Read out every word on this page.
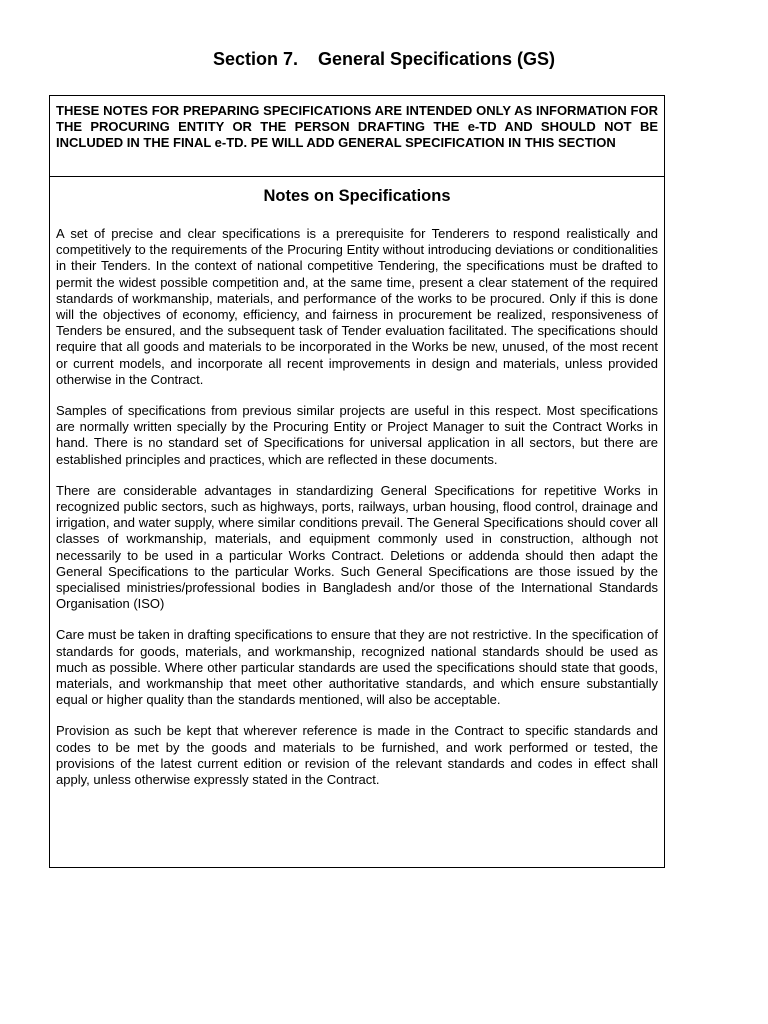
Section 7.    General Specifications (GS)
THESE NOTES FOR PREPARING SPECIFICATIONS ARE INTENDED ONLY AS INFORMATION FOR THE PROCURING ENTITY OR THE PERSON DRAFTING THE e-TD AND SHOULD NOT BE INCLUDED IN THE FINAL e-TD. PE WILL ADD GENERAL SPECIFICATION IN THIS SECTION
Notes on Specifications

A set of precise and clear specifications is a prerequisite for Tenderers to respond realistically and competitively to the requirements of the Procuring Entity without introducing deviations or conditionalities in their Tenders. In the context of national competitive Tendering, the specifications must be drafted to permit the widest possible competition and, at the same time, present a clear statement of the required standards of workmanship, materials, and performance of the works to be procured. Only if this is done will the objectives of economy, efficiency, and fairness in procurement be realized, responsiveness of Tenders be ensured, and the subsequent task of Tender evaluation facilitated. The specifications should require that all goods and materials to be incorporated in the Works be new, unused, of the most recent or current models, and incorporate all recent improvements in design and materials, unless provided otherwise in the Contract.

Samples of specifications from previous similar projects are useful in this respect. Most specifications are normally written specially by the Procuring Entity or Project Manager to suit the Contract Works in hand. There is no standard set of Specifications for universal application in all sectors, but there are established principles and practices, which are reflected in these documents.

There are considerable advantages in standardizing General Specifications for repetitive Works in recognized public sectors, such as highways, ports, railways, urban housing, flood control, drainage and irrigation, and water supply, where similar conditions prevail. The General Specifications should cover all classes of workmanship, materials, and equipment commonly used in construction, although not necessarily to be used in a particular Works Contract. Deletions or addenda should then adapt the General Specifications to the particular Works. Such General Specifications are those issued by the specialised ministries/professional bodies in Bangladesh and/or those of the International Standards Organisation (ISO)

Care must be taken in drafting specifications to ensure that they are not restrictive. In the specification of standards for goods, materials, and workmanship, recognized national standards should be used as much as possible. Where other particular standards are used the specifications should state that goods, materials, and workmanship that meet other authoritative standards, and which ensure substantially equal or higher quality than the standards mentioned, will also be acceptable.

Provision as such be kept that wherever reference is made in the Contract to specific standards and codes to be met by the goods and materials to be furnished, and work performed or tested, the provisions of the latest current edition or revision of the relevant standards and codes in effect shall apply, unless otherwise expressly stated in the Contract.
